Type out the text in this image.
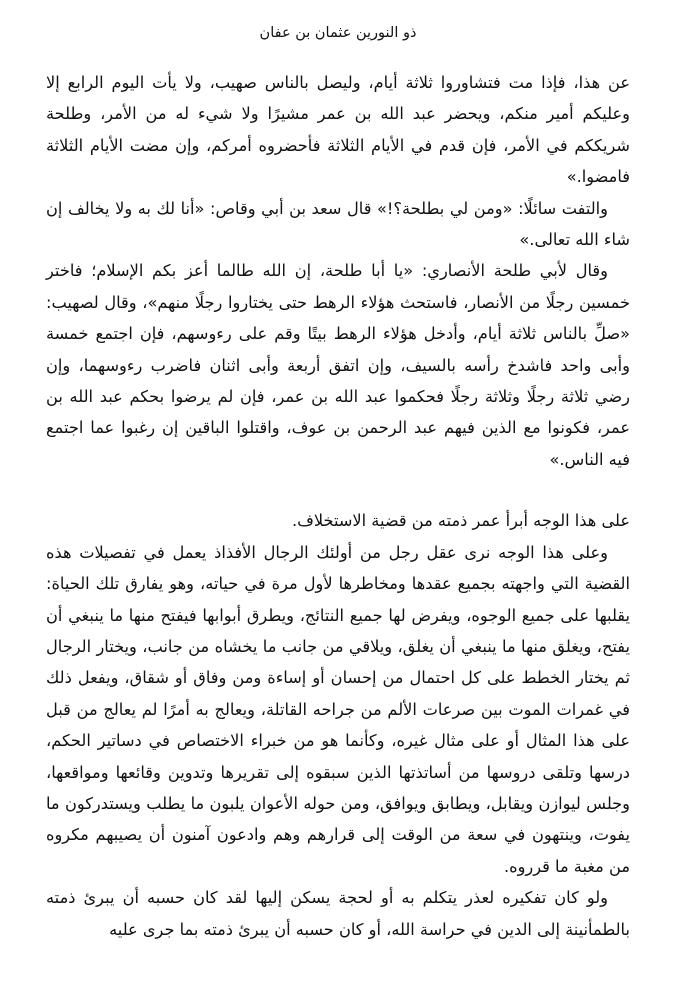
ذو النورين عثمان بن عفان

عن هذا، فإذا مت فتشاوروا ثلاثة أيام، وليصل بالناس صهيب، ولا يأت اليوم الرابع إلا وعليكم أمير منكم، ويحضر عبد الله بن عمر مشيرًا ولا شيء له من الأمر، وطلحة شريككم في الأمر، فإن قدم في الأيام الثلاثة فأحضروه أمركم، وإن مضت الأيام الثلاثة فامضوا.»

والتفت سائلًا: «ومن لي بطلحة؟!» قال سعد بن أبي وقاص: «أنا لك به ولا يخالف إن شاء الله تعالى.»

وقال لأبي طلحة الأنصاري: «يا أبا طلحة، إن الله طالما أعز بكم الإسلام؛ فاختر خمسين رجلًا من الأنصار، فاستحث هؤلاء الرهط حتى يختاروا رجلًا منهم»، وقال لصهيب: «صلِّ بالناس ثلاثة أيام، وأدخل هؤلاء الرهط بيتًا وقم على رءوسهم، فإن اجتمع خمسة وأبى واحد فاشدخ رأسه بالسيف، وإن اتفق أربعة وأبى اثنان فاضرب رءوسهما، وإن رضي ثلاثة رجلًا وثلاثة رجلًا فحكموا عبد الله بن عمر، فإن لم يرضوا بحكم عبد الله بن عمر، فكونوا مع الذين فيهم عبد الرحمن بن عوف، واقتلوا الباقين إن رغبوا عما اجتمع فيه الناس.»

على هذا الوجه أبرأ عمر ذمته من قضية الاستخلاف.

وعلى هذا الوجه نرى عقل رجل من أولئك الرجال الأفذاذ يعمل في تفصيلات هذه القضية التي واجهته بجميع عقدها ومخاطرها لأول مرة في حياته، وهو يفارق تلك الحياة: يقلبها على جميع الوجوه، ويفرض لها جميع النتائج، ويطرق أبوابها فيفتح منها ما ينبغي أن يفتح، ويغلق منها ما ينبغي أن يغلق، ويلاقي من جانب ما يخشاه من جانب، ويختار الرجال ثم يختار الخطط على كل احتمال من إحسان أو إساءة ومن وفاق أو شقاق، ويفعل ذلك في غمرات الموت بين صرعات الألم من جراحه القاتلة، ويعالج به أمرًا لم يعالج من قبل على هذا المثال أو على مثال غيره، وكأنما هو من خبراء الاختصاص في دساتير الحكم، درسها وتلقى دروسها من أساتذتها الذين سبقوه إلى تقريرها وتدوين وقائعها ومواقعها، وجلس ليوازن ويقابل، ويطابق ويوافق، ومن حوله الأعوان يلبون ما يطلب ويستدركون ما يفوت، وينتهون في سعة من الوقت إلى قرارهم وهم وادعون آمنون أن يصيبهم مكروه من مغبة ما قرروه.

ولو كان تفكيره لعذر يتكلم به أو لحجة يسكن إليها لقد كان حسبه أن يبرئ ذمته بالطمأنينة إلى الدين في حراسة الله، أو كان حسبه أن يبرئ ذمته بما جرى عليه
